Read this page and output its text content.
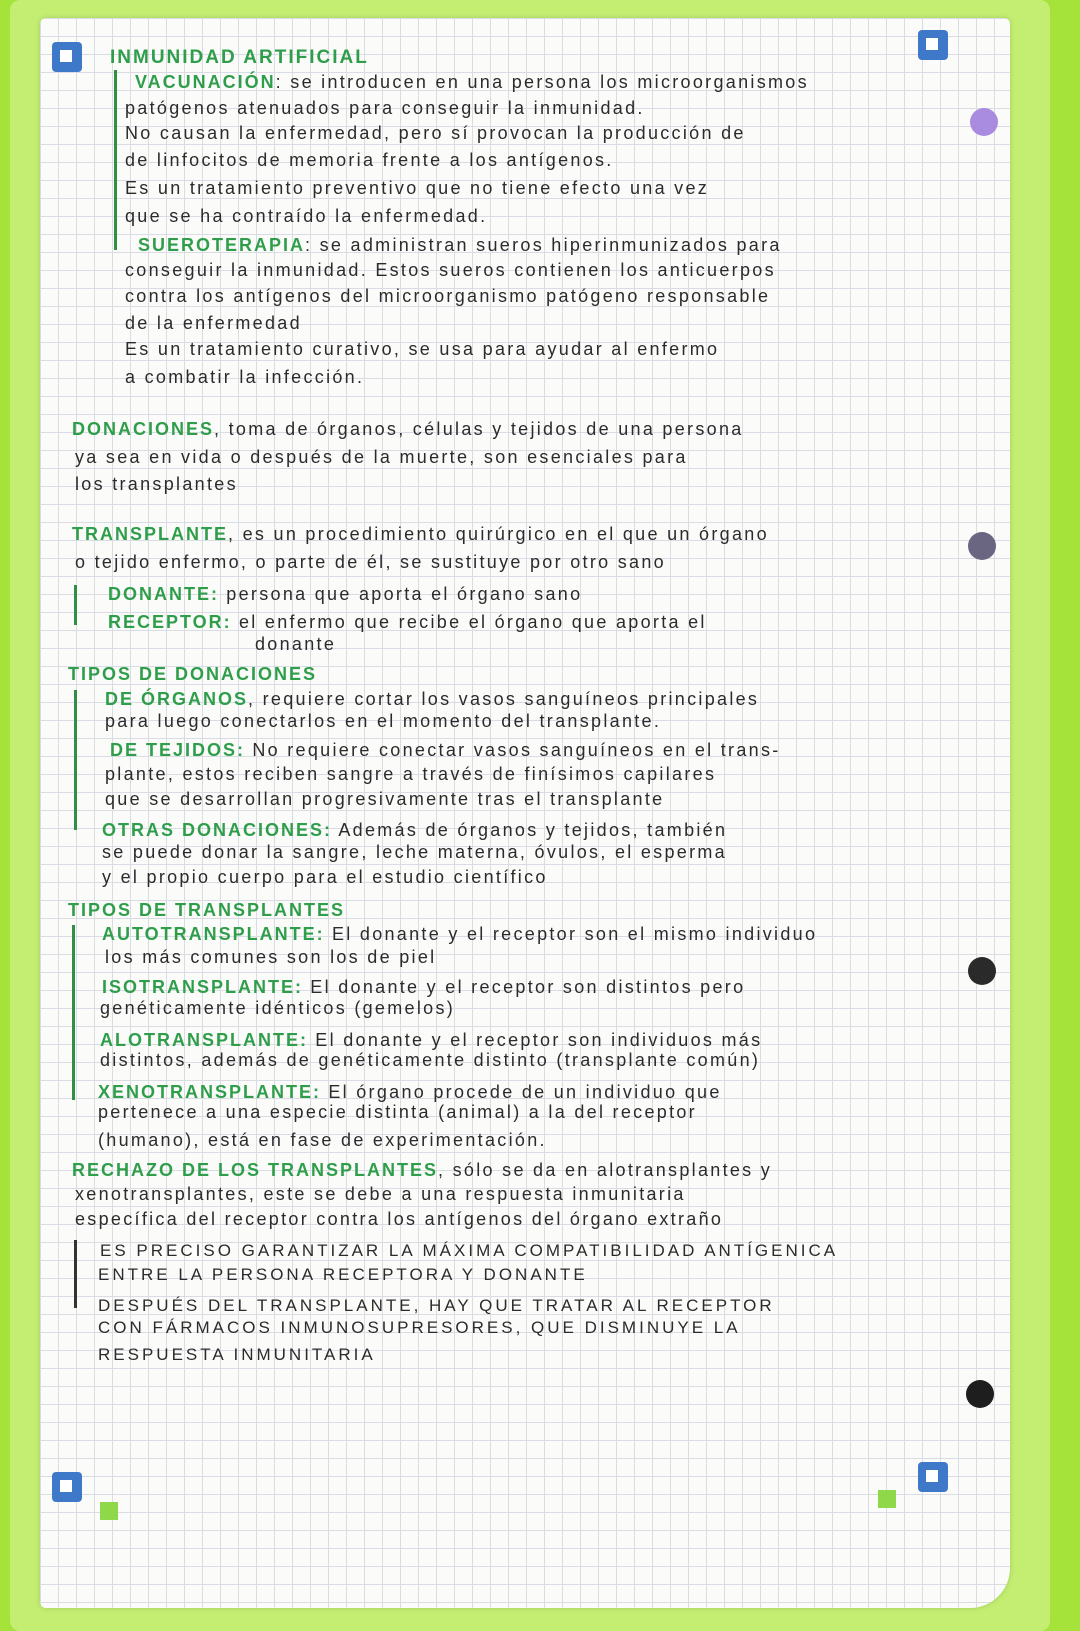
INMUNIDAD ARTIFICIAL
VACUNACIÓN: se introducen en una persona los microorganismos
patógenos atenuados para conseguir la inmunidad.
No causan la enfermedad, pero sí provocan la producción de
de linfocitos de memoria frente a los antígenos.
Es un tratamiento preventivo que no tiene efecto una vez
que se ha contraído la enfermedad.
SUEROTERAPIA: se administran sueros hiperinmunizados para
conseguir la inmunidad. Estos sueros contienen los anticuerpos
contra los antígenos del microorganismo patógeno responsable
de la enfermedad
Es un tratamiento curativo, se usa para ayudar al enfermo
a combatir la infección.
DONACIONES, toma de órganos, células y tejidos de una persona
ya sea en vida o después de la muerte, son esenciales para
los transplantes
TRANSPLANTE, es un procedimiento quirúrgico en el que un órgano
o tejido enfermo, o parte de él, se sustituye por otro sano
DONANTE: persona que aporta el órgano sano
RECEPTOR: el enfermo que recibe el órgano que aporta el
donante
TIPOS DE DONACIONES
DE ÓRGANOS, requiere cortar los vasos sanguíneos principales
para luego conectarlos en el momento del transplante.
DE TEJIDOS: No requiere conectar vasos sanguíneos en el trans-
plante, estos reciben sangre a través de finísimos capilares
que se desarrollan progresivamente tras el transplante
OTRAS DONACIONES: Además de órganos y tejidos, también
se puede donar la sangre, leche materna, óvulos, el esperma
y el propio cuerpo para el estudio científico
TIPOS DE TRANSPLANTES
AUTOTRANSPLANTE: El donante y el receptor son el mismo individuo
los más comunes son los de piel
ISOTRANSPLANTE: El donante y el receptor son distintos pero
genéticamente idénticos (gemelos)
ALOTRANSPLANTE: El donante y el receptor son individuos más
distintos, además de genéticamente distinto (transplante común)
XENOTRANSPLANTE: El órgano procede de un individuo que
pertenece a una especie distinta (animal) a la del receptor
(humano), está en fase de experimentación.
RECHAZO DE LOS TRANSPLANTES, sólo se da en alotransplantes y
xenotransplantes, este se debe a una respuesta inmunitaria
específica del receptor contra los antígenos del órgano extraño
ES PRECISO GARANTIZAR LA MÁXIMA COMPATIBILIDAD ANTÍGENICA
ENTRE LA PERSONA RECEPTORA Y DONANTE
DESPUÉS DEL TRANSPLANTE, HAY QUE TRATAR AL RECEPTOR
CON FÁRMACOS INMUNOSUPRESORES, QUE DISMINUYE LA
RESPUESTA INMUNITARIA
